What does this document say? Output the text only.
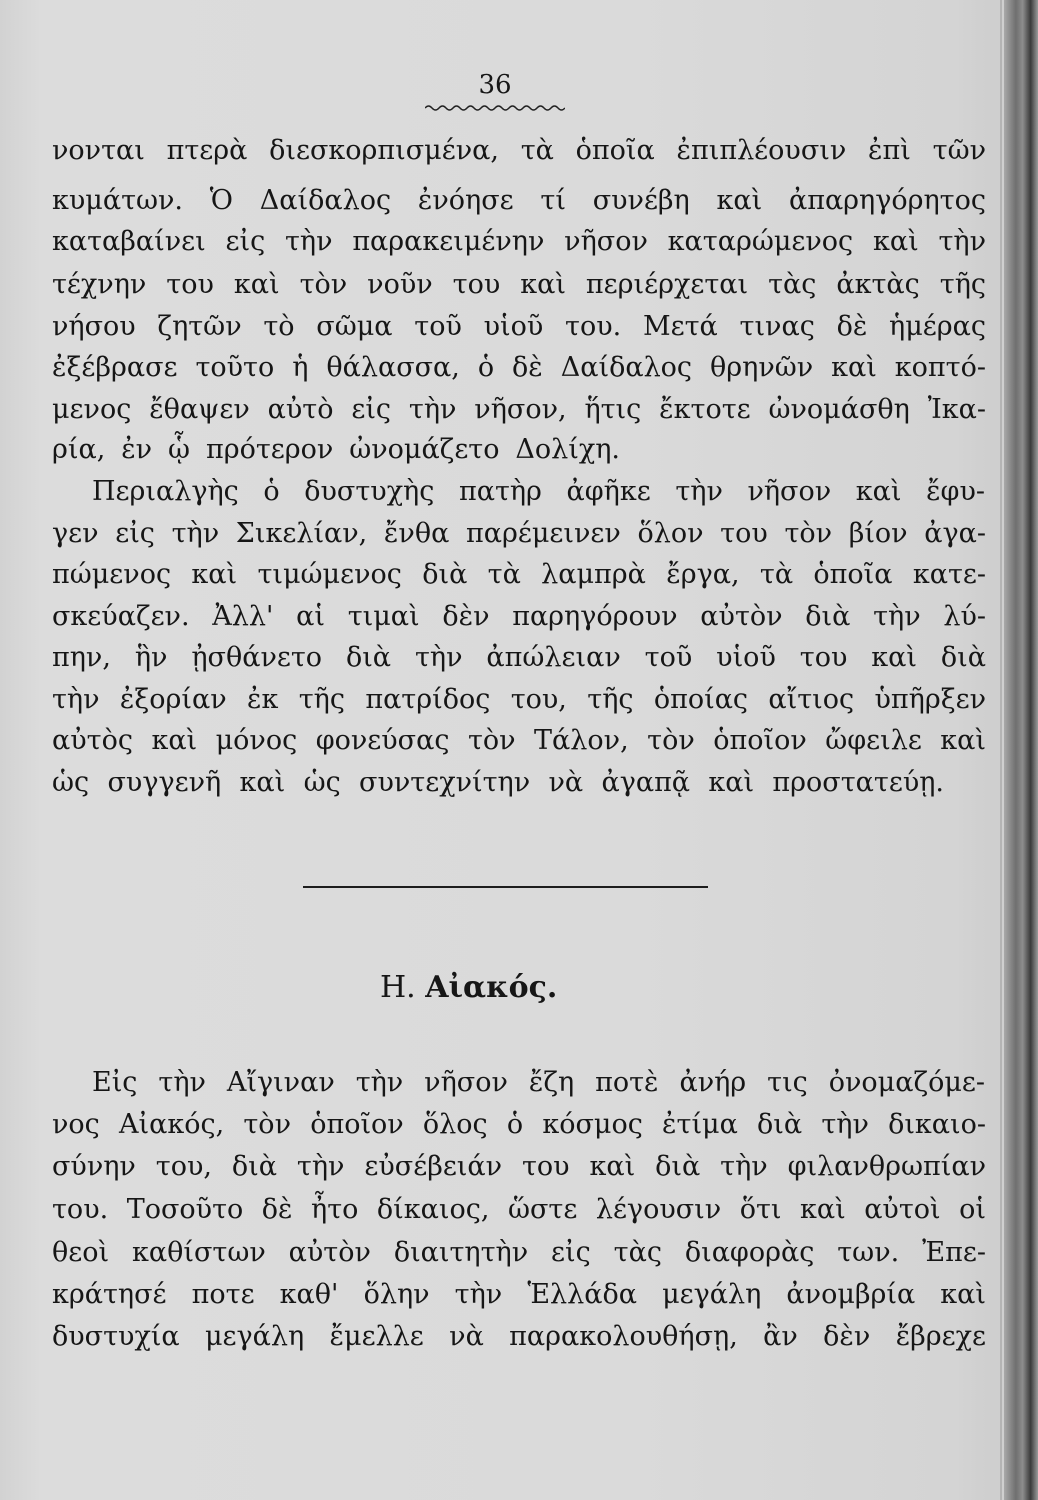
36
νονται πτερὰ διεσκορπισμένα, τὰ ὁποῖα ἐπιπλέουσιν ἐπὶ τῶν
κυμάτων. Ὁ Δαίδαλος ἐνόησε τί συνέβη καὶ ἀπαρηγόρητος
καταβαίνει εἰς τὴν παρακειμένην νῆσον καταρώμενος καὶ τὴν
τέχνην του καὶ τὸν νοῦν του καὶ περιέρχεται τὰς ἀκτὰς τῆς
νήσου ζητῶν τὸ σῶμα τοῦ υἱοῦ του. Μετά τινας δὲ ἡμέρας
ἐξέβρασε τοῦτο ἡ θάλασσα, ὁ δὲ Δαίδαλος θρηνῶν καὶ κοπτό-
μενος ἔθαψεν αὐτὸ εἰς τὴν νῆσον, ἥτις ἔκτοτε ὠνομάσθη Ἰκα-
ρία, ἐν ᾧ πρότερον ὠνομάζετο Δολίχη.
Περιαλγὴς ὁ δυστυχὴς πατὴρ ἀφῆκε τὴν νῆσον καὶ ἔφυ-
γεν εἰς τὴν Σικελίαν, ἔνθα παρέμεινεν ὅλον του τὸν βίον ἀγα-
πώμενος καὶ τιμώμενος διὰ τὰ λαμπρὰ ἔργα, τὰ ὁποῖα κατε-
σκεύαζεν. Ἀλλ' αἱ τιμαὶ δὲν παρηγόρουν αὐτὸν διὰ τὴν λύ-
πην, ἣν ᾐσθάνετο διὰ τὴν ἀπώλειαν τοῦ υἱοῦ του καὶ διὰ
τὴν ἐξορίαν ἐκ τῆς πατρίδος του, τῆς ὁποίας αἴτιος ὑπῆρξεν
αὐτὸς καὶ μόνος φονεύσας τὸν Τάλον, τὸν ὁποῖον ὤφειλε καὶ
ὡς συγγενῆ καὶ ὡς συντεχνίτην νὰ ἀγαπᾷ καὶ προστατεύῃ.
Εἰς τὴν Αἴγιναν τὴν νῆσον ἔζη ποτὲ ἀνήρ τις ὀνομαζόμε-
νος Αἰακός, τὸν ὁποῖον ὅλος ὁ κόσμος ἐτίμα διὰ τὴν δικαιο-
σύνην του, διὰ τὴν εὐσέβειάν του καὶ διὰ τὴν φιλανθρωπίαν
του. Τοσοῦτο δὲ ἦτο δίκαιος, ὥστε λέγουσιν ὅτι καὶ αὐτοὶ οἱ
θεοὶ καθίστων αὐτὸν διαιτητὴν εἰς τὰς διαφορὰς των. Ἐπε-
κράτησέ ποτε καθ' ὅλην τὴν Ἑλλάδα μεγάλη ἀνομβρία καὶ
δυστυχία μεγάλη ἔμελλε νὰ παρακολουθήσῃ, ἂν δὲν ἔβρεχε
Η. Αἰακός.
